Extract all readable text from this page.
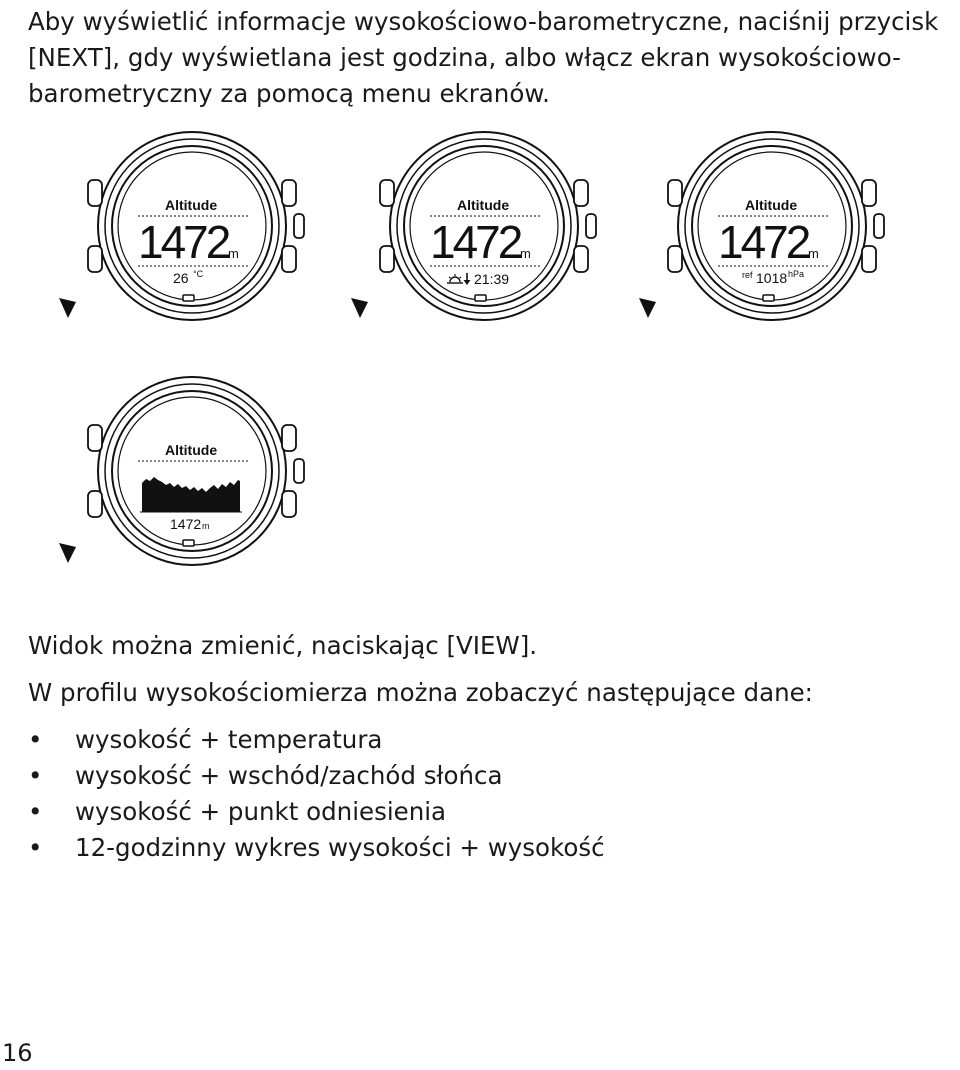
Aby wyświetlić informacje wysokościowo-barometryczne, naciśnij przycisk [NEXT], gdy wyświetlana jest godzina, albo włącz ekran wysokościowo-barometryczny za pomocą menu ekranów.

Altitude
1472 m
26 °C
Altitude
1472 m
21:39
Altitude
1472 m
ref 1018 hPa
Altitude
1472 m

Widok można zmienić, naciskając [VIEW].

W profilu wysokościomierza można zobaczyć następujące dane:

• wysokość + temperatura
• wysokość + wschód/zachód słońca
• wysokość + punkt odniesienia
• 12-godzinny wykres wysokości + wysokość
16
